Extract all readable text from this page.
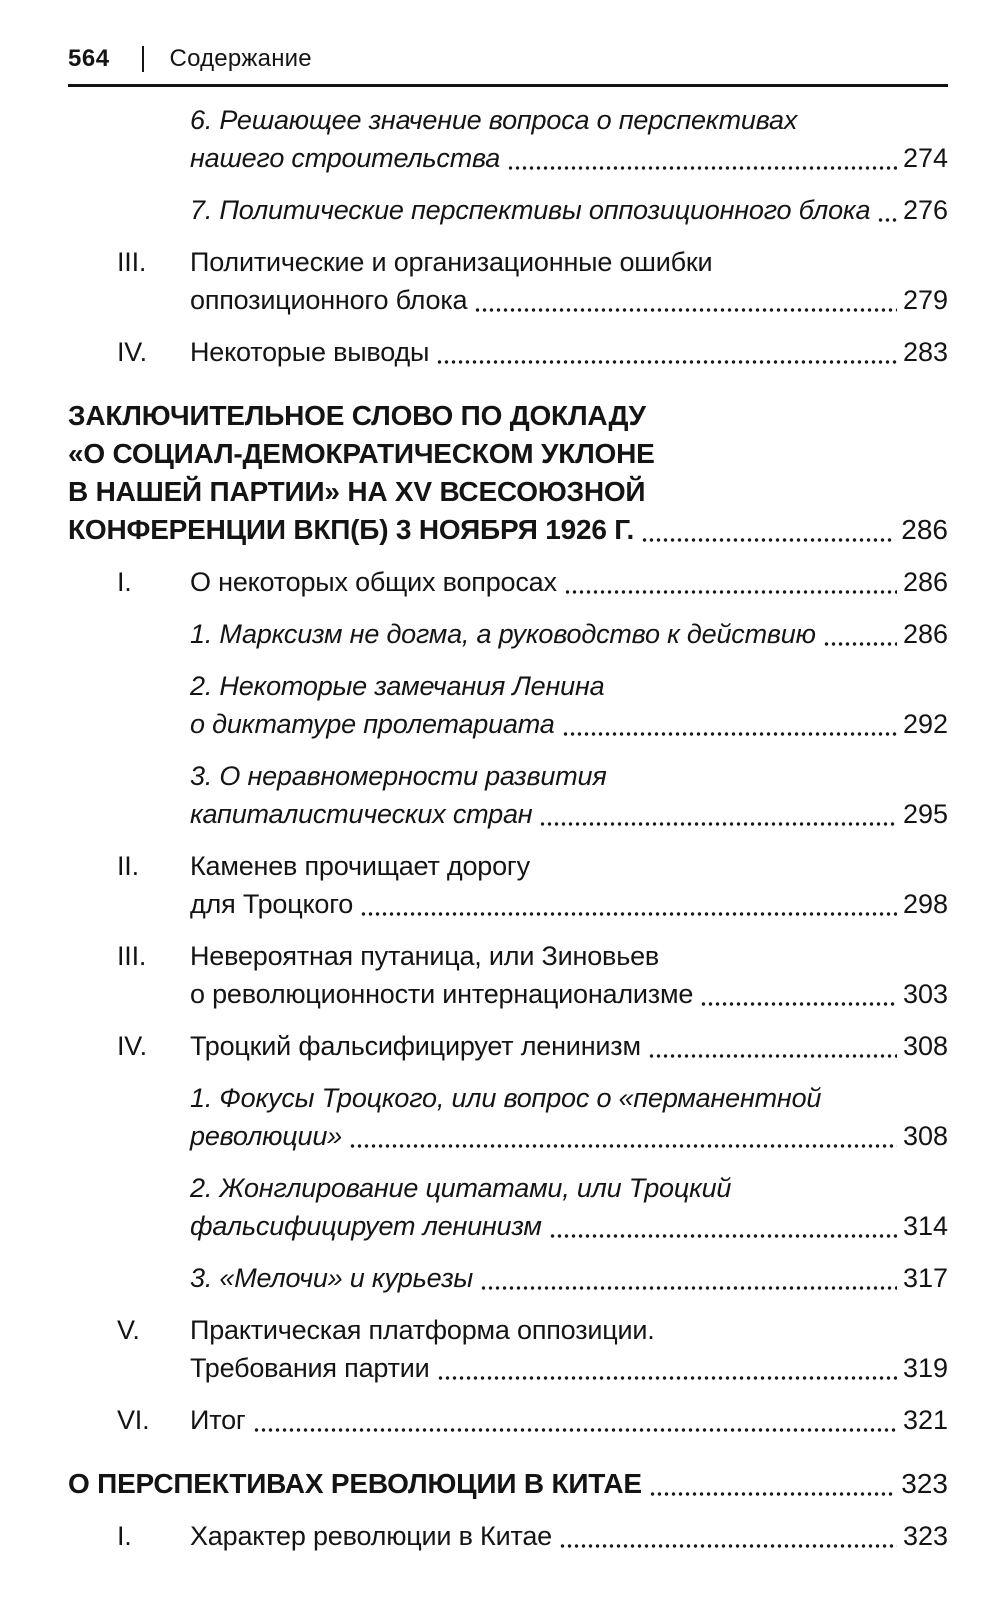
564	Содержание
6. Решающее значение вопроса о перспективах
нашего строительства	274
7. Политические перспективы оппозиционного блока 276
III. Политические и организационные ошибки
оппозиционного блока	279
IV. Некоторые выводы	283
ЗАКЛЮЧИТЕЛЬНОЕ СЛОВО ПО ДОКЛАДУ
«О СОЦИАЛ-ДЕМОКРАТИЧЕСКОМ УКЛОНЕ
В НАШЕЙ ПАРТИИ» НА XV ВСЕСОЮЗНОЙ
КОНФЕРЕНЦИИ ВКП(Б) 3 НОЯБРЯ 1926 Г.	286
I. О некоторых общих вопросах	286
1. Марксизм не догма, а руководство к действию	286
2. Некоторые замечания Ленина
о диктатуре пролетариата	292
3. О неравномерности развития
капиталистических стран	295
II. Каменев прочищает дорогу
для Троцкого	298
III. Невероятная путаница, или Зиновьев
о революционности интернационализме	303
IV. Троцкий фальсифицирует ленинизм	308
1. Фокусы Троцкого, или вопрос о «перманентной
революции»	308
2. Жонглирование цитатами, или Троцкий
фальсифицирует ленинизм	314
3. «Мелочи» и курьезы	317
V. Практическая платформа оппозиции.
Требования партии	319
VI. Итог	321
О ПЕРСПЕКТИВАХ РЕВОЛЮЦИИ В КИТАЕ	323
I. Характер революции в Китае	323
